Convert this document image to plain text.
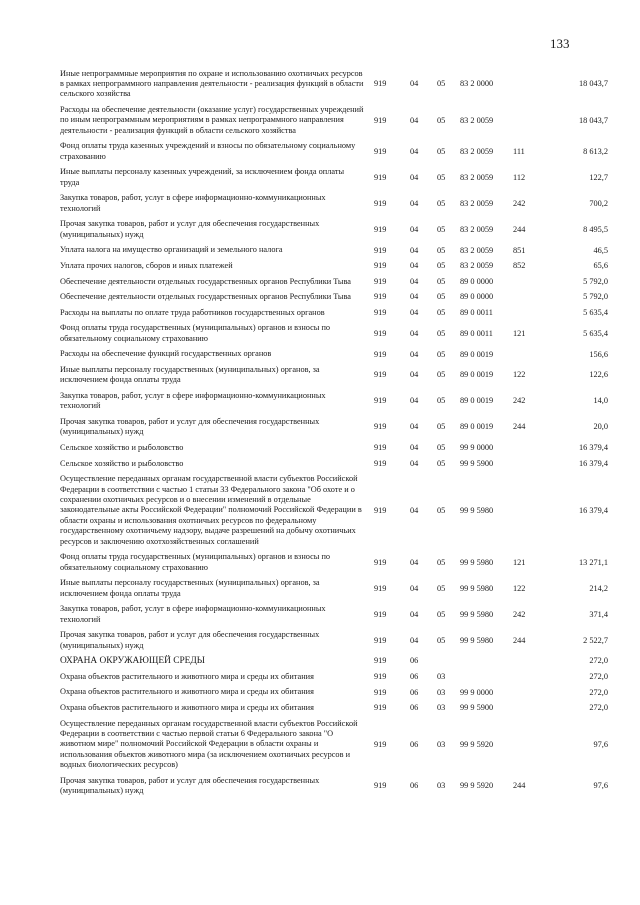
133
Иные непрограммные мероприятия по охране и использованию охотничьих ресурсов в рамках непрограммного направления деятельности - реализация функций в области сельского хозяйства
919	04 05 83 2 0000	18 043,7
Расходы на обеспечение деятельности (оказание услуг) государственных учреждений по иным непрограммным мероприятиям в рамках непрограммного направления деятельности - реализация функций в области сельского хозяйства
919	04 05 83 2 0059	18 043,7
Фонд оплаты труда казенных учреждений и взносы по обязательному социальному страхованию
919	04 05 83 2 0059 111	8 613,2
Иные выплаты персоналу казенных учреждений, за исключением фонда оплаты труда
919	04 05 83 2 0059 112	122,7
Закупка товаров, работ, услуг в сфере информационно-коммуникационных технологий
919	04 05 83 2 0059 242	700,2
Прочая закупка товаров, работ и услуг для обеспечения государственных (муниципальных) нужд
919	04 05 83 2 0059 244	8 495,5
Уплата налога на имущество организаций и земельного налога	919	04 05 83 2 0059 851	46,5
Уплата прочих налогов, сборов и иных платежей	919	04 05 83 2 0059 852	65,6
Обеспечение деятельности отдельных государственных органов Республики Тыва	919	04 05 89 0 0000	5 792,0
Обеспечение деятельности отдельных государственных органов Республики Тыва	919	04 05 89 0 0000	5 792,0
Расходы на выплаты по оплате труда работников государственных органов	919	04 05 89 0 0011	5 635,4
Фонд оплаты труда государственных (муниципальных) органов и взносы по обязательному социальному страхованию
919	04 05 89 0 0011 121	5 635,4
Расходы на обеспечение функций государственных органов	919	04 05 89 0 0019	156,6
Иные выплаты персоналу государственных (муниципальных) органов, за исключением фонда оплаты труда
919	04 05 89 0 0019 122	122,6
Закупка товаров, работ, услуг в сфере информационно-коммуникационных технологий
919	04 05 89 0 0019 242	14,0
Прочая закупка товаров, работ и услуг для обеспечения государственных (муниципальных) нужд
919	04 05 89 0 0019 244	20,0
Сельское хозяйство и рыболовство	919	04 05 99 9 0000	16 379,4
Сельское хозяйство и рыболовство	919	04 05 99 9 5900	16 379,4
Осуществление переданных органам государственной власти субъектов Российской Федерации в соответствии с частью 1 статьи 33 Федерального закона "Об охоте и о сохранении охотничьих ресурсов и о внесении изменений в отдельные законодательные акты Российской Федерации" полномочий Российской Федерации в области охраны и использования охотничьих ресурсов по федеральному государственному охотничьему надзору, выдаче разрешений на добычу охотничьих ресурсов и заключению охотхозяйственных соглашений
919	04 05 99 9 5980	16 379,4
Фонд оплаты труда государственных (муниципальных) органов и взносы по обязательному социальному страхованию
919	04 05 99 9 5980 121	13 271,1
Иные выплаты персоналу государственных (муниципальных) органов, за исключением фонда оплаты труда
919	04 05 99 9 5980 122	214,2
Закупка товаров, работ, услуг в сфере информационно-коммуникационных технологий
919	04 05 99 9 5980 242	371,4
Прочая закупка товаров, работ и услуг для обеспечения государственных (муниципальных) нужд
919	04 05 99 9 5980 244	2 522,7
ОХРАНА ОКРУЖАЮЩЕЙ СРЕДЫ	919	06	272,0
Охрана объектов растительного и животного мира и среды их обитания	919	06 03	272,0
Охрана объектов растительного и животного мира и среды их обитания	919	06 03 99 9 0000	272,0
Охрана объектов растительного и животного мира и среды их обитания	919	06 03 99 9 5900	272,0
Осуществление переданных органам государственной власти субъектов Российской Федерации в соответствии с частью первой статьи 6 Федерального закона "О животном мире" полномочий Российской Федерации в области охраны и использования объектов животного мира (за исключением охотничьих ресурсов и водных биологических ресурсов)
919	06 03 99 9 5920	97,6
Прочая закупка товаров, работ и услуг для обеспечения государственных (муниципальных) нужд
919	06 03 99 9 5920 244	97,6
